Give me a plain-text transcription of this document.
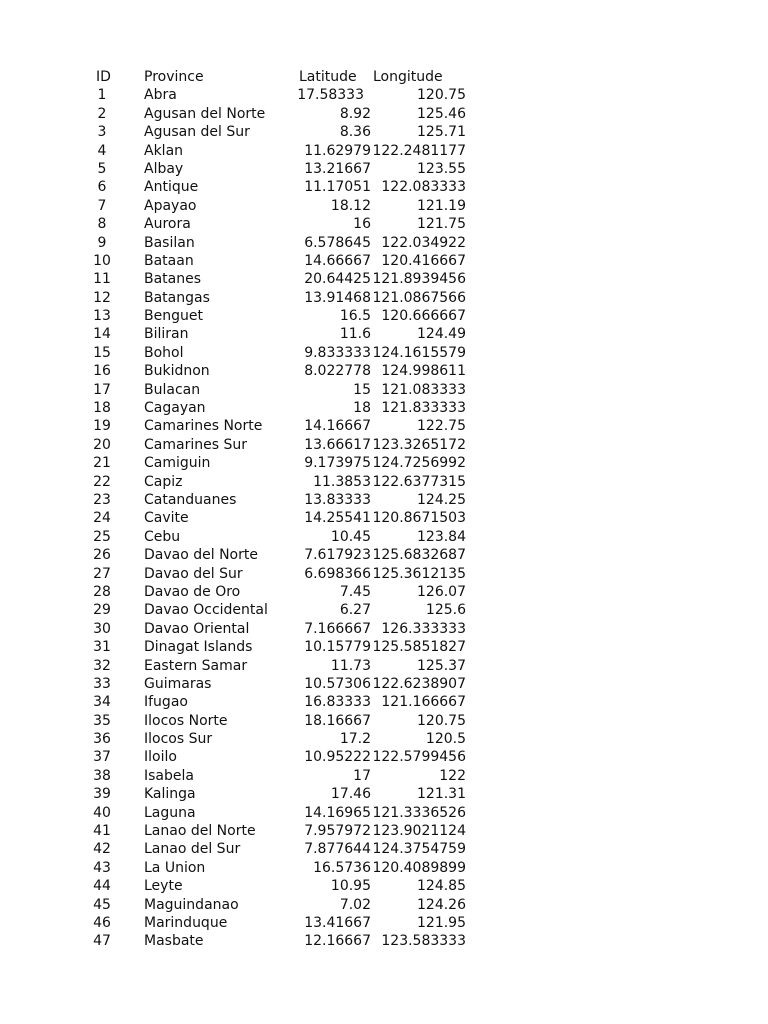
ID Province	Latitude Longitude
1	Abra	17.58333	120.75
2	Agusan del Norte	8.92	125.46
3	Agusan del Sur	8.36	125.71
4	Aklan	11.62979 122.2481177
5	Albay	13.21667	123.55
6	Antique	11.17051 122.083333
7	Apayao	18.12	121.19
8	Aurora	16	121.75
9	Basilan	6.578645 122.034922
10	Bataan	14.66667 120.416667
11	Batanes	20.64425 121.8939456
12	Batangas	13.91468 121.0867566
13	Benguet	16.5 120.666667
14	Biliran	11.6	124.49
15	Bohol	9.833333 124.1615579
16	Bukidnon	8.022778 124.998611
17	Bulacan	15 121.083333
18	Cagayan	18 121.833333
19	Camarines Norte	14.16667	122.75
20	Camarines Sur	13.66617 123.3265172
21	Camiguin	9.173975 124.7256992
22	Capiz	11.3853 122.6377315
23	Catanduanes	13.83333	124.25
24	Cavite	14.25541 120.8671503
25	Cebu	10.45	123.84
26	Davao del Norte	7.617923 125.6832687
27	Davao del Sur	6.698366 125.3612135
28	Davao de Oro	7.45	126.07
29	Davao Occidental	6.27	125.6
30	Davao Oriental	7.166667 126.333333
31	Dinagat Islands	10.15779 125.5851827
32	Eastern Samar	11.73	125.37
33	Guimaras	10.57306 122.6238907
34	Ifugao	16.83333 121.166667
35	Ilocos Norte	18.16667	120.75
36	Ilocos Sur	17.2	120.5
37	Iloilo	10.95222 122.5799456
38	Isabela	17	122
39	Kalinga	17.46	121.31
40	Laguna	14.16965 121.3336526
41	Lanao del Norte	7.957972 123.9021124
42	Lanao del Sur	7.877644 124.3754759
43	La Union	16.5736 120.4089899
44	Leyte	10.95	124.85
45	Maguindanao	7.02	124.26
46	Marinduque	13.41667	121.95
47	Masbate	12.16667 123.583333
